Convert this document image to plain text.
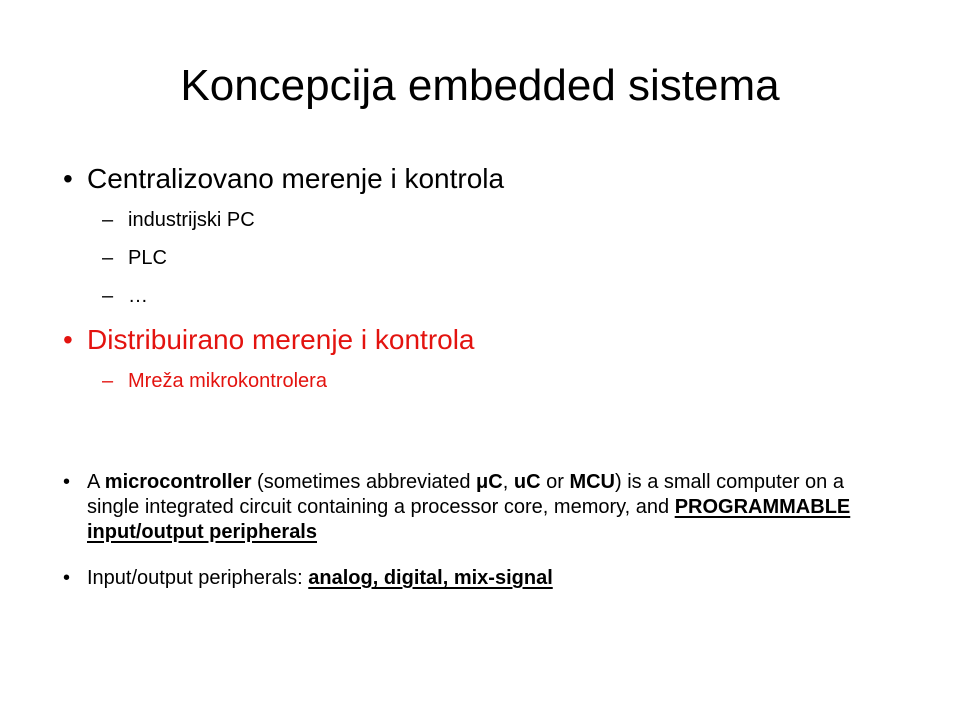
Koncepcija embedded sistema
• Centralizovano merenje i kontrola
– industrijski PC
– PLC
– …
• Distribuirano merenje i kontrola
– Mreža mikrokontrolera
• A microcontroller (sometimes abbreviated μC, uC or MCU) is a small computer on a single integrated circuit containing a processor core, memory, and PROGRAMMABLE input/output peripherals
• Input/output peripherals: analog, digital, mix-signal
